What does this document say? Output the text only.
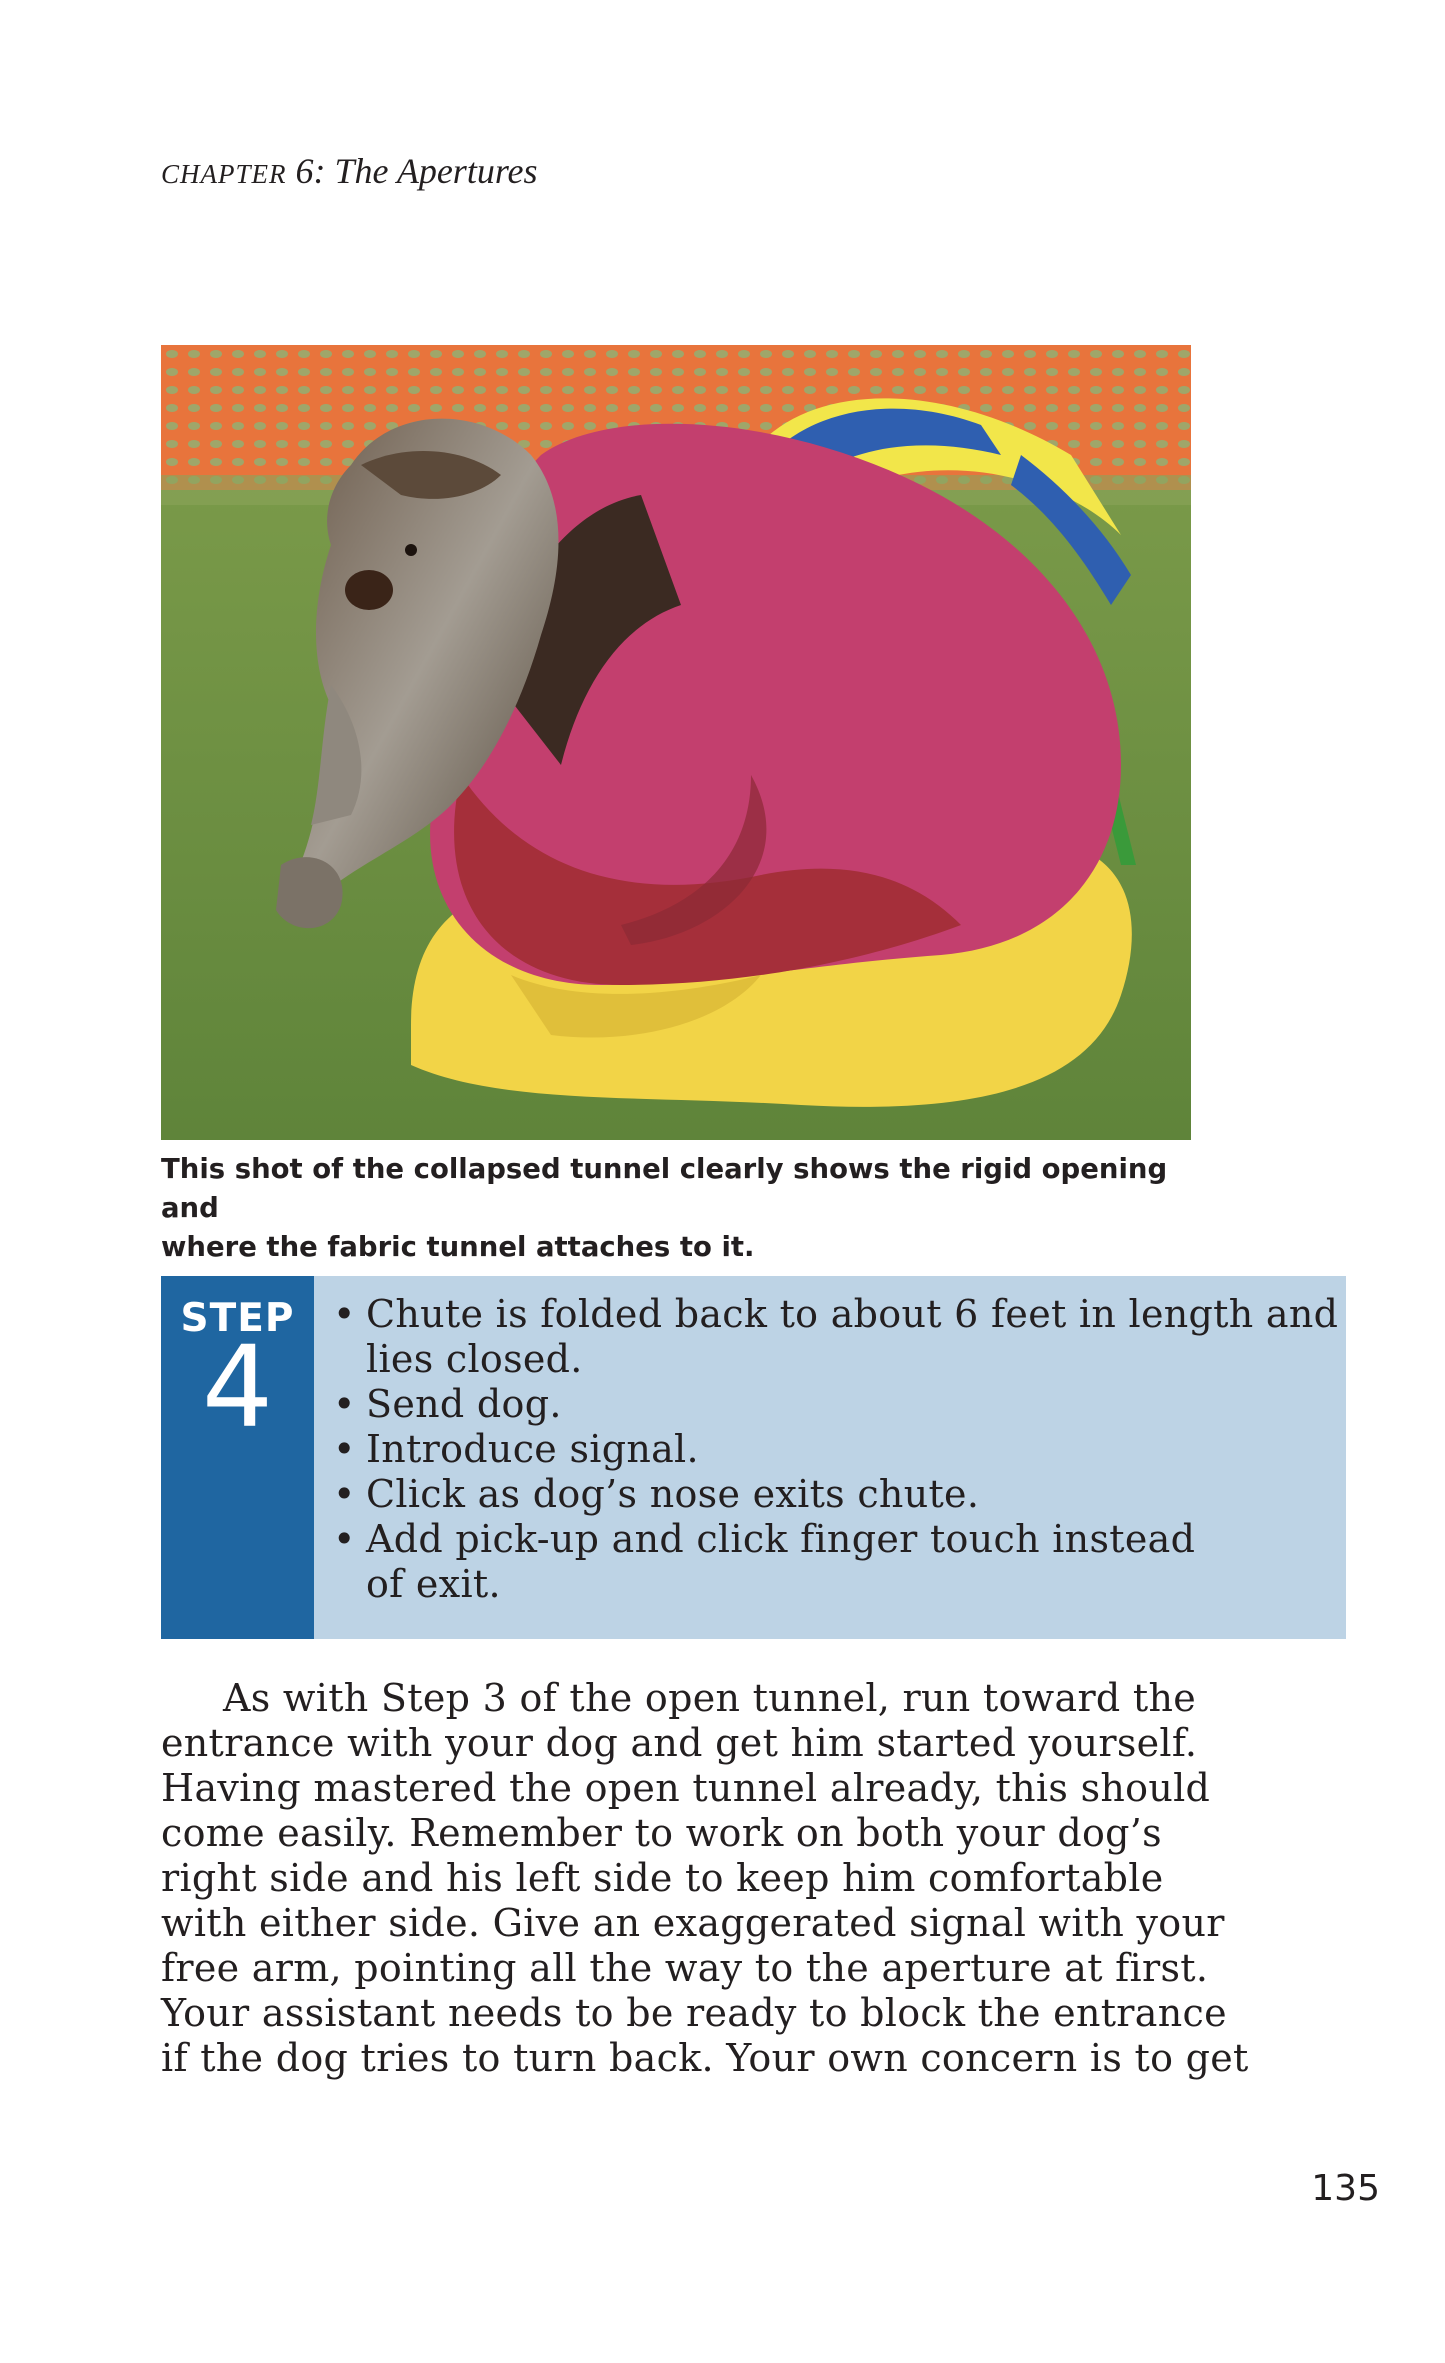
CHAPTER 6: The Apertures
This shot of the collapsed tunnel clearly shows the rigid opening and
where the fabric tunnel attaches to it.
STEP
4
• Chute is folded back to about 6 feet in length and
lies closed.
• Send dog.
• Introduce signal.
• Click as dog’s nose exits chute.
• Add pick-up and click finger touch instead
of exit.
As with Step 3 of the open tunnel, run toward the
entrance with your dog and get him started yourself.
Having mastered the open tunnel already, this should
come easily. Remember to work on both your dog’s
right side and his left side to keep him comfortable
with either side. Give an exaggerated signal with your
free arm, pointing all the way to the aperture at first.
Your assistant needs to be ready to block the entrance
if the dog tries to turn back. Your own concern is to get
135
